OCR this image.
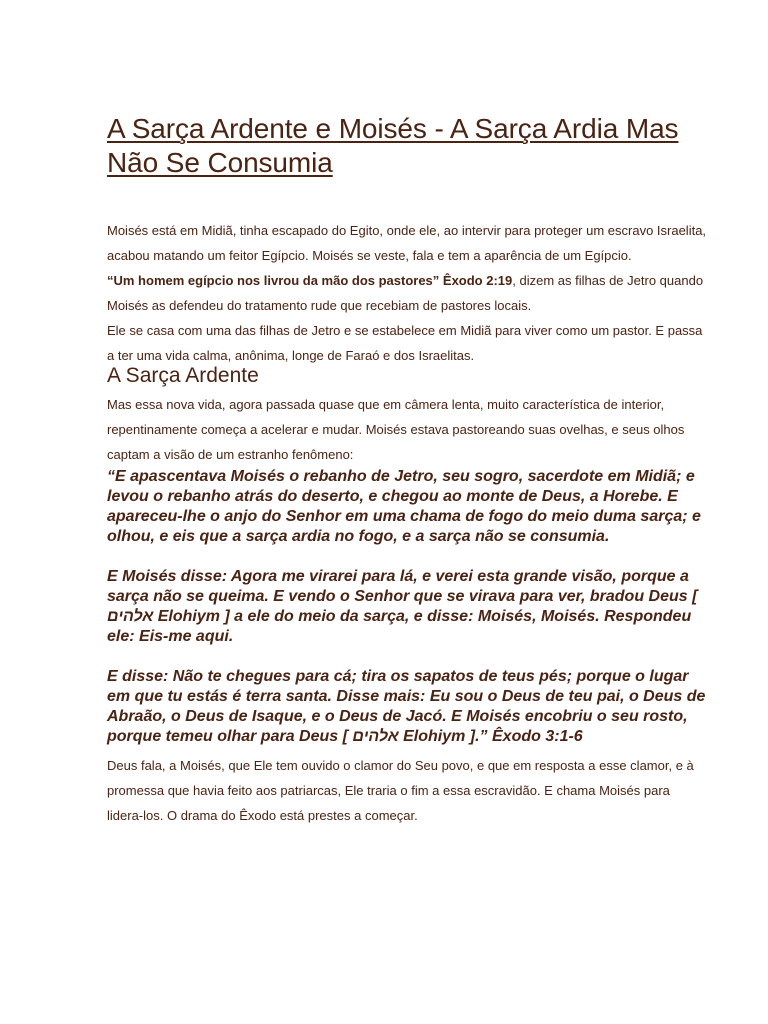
A Sarça Ardente e Moisés - A Sarça Ardia Mas Não Se Consumia

Moisés está em Midiã, tinha escapado do Egito, onde ele, ao intervir para proteger um escravo Israelita, acabou matando um feitor Egípcio. Moisés se veste, fala e tem a aparência de um Egípcio.
“Um homem egípcio nos livrou da mão dos pastores” Êxodo 2:19, dizem as filhas de Jetro quando Moisés as defendeu do tratamento rude que recebiam de pastores locais.
Ele se casa com uma das filhas de Jetro e se estabelece em Midiã para viver como um pastor. E passa a ter uma vida calma, anônima, longe de Faraó e dos Israelitas.

A Sarça Ardente

Mas essa nova vida, agora passada quase que em câmera lenta, muito característica de interior, repentinamente começa a acelerar e mudar. Moisés estava pastoreando suas ovelhas, e seus olhos captam a visão de um estranho fenômeno:

“E apascentava Moisés o rebanho de Jetro, seu sogro, sacerdote em Midiã; e levou o rebanho atrás do deserto, e chegou ao monte de Deus, a Horebe. E apareceu-lhe o anjo do Senhor em uma chama de fogo do meio duma sarça; e olhou, e eis que a sarça ardia no fogo, e a sarça não se consumia.

E Moisés disse: Agora me virarei para lá, e verei esta grande visão, porque a sarça não se queima. E vendo o Senhor que se virava para ver, bradou Deus [ אלהים Elohiym ] a ele do meio da sarça, e disse: Moisés, Moisés. Respondeu ele: Eis-me aqui.

E disse: Não te chegues para cá; tira os sapatos de teus pés; porque o lugar em que tu estás é terra santa. Disse mais: Eu sou o Deus de teu pai, o Deus de Abraão, o Deus de Isaque, e o Deus de Jacó. E Moisés encobriu o seu rosto, porque temeu olhar para Deus [ אלהים Elohiym ].” Êxodo 3:1-6

Deus fala, a Moisés, que Ele tem ouvido o clamor do Seu povo, e que em resposta a esse clamor, e à promessa que havia feito aos patriarcas, Ele traria o fim a essa escravidão. E chama Moisés para lidera-los. O drama do Êxodo está prestes a começar.
